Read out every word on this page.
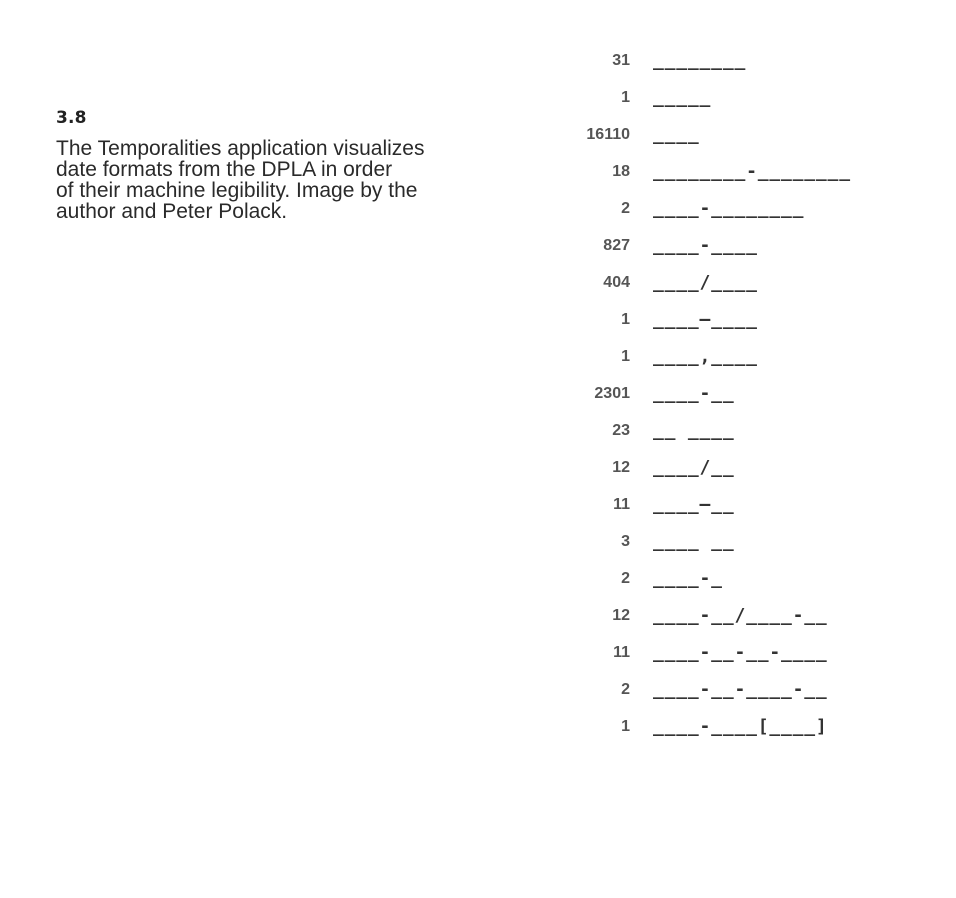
3.8

The Temporalities application visualizes
date formats from the DPLA in order
of their machine legibility. Image by the
author and Peter Polack.

31 ________
1 _____
16110 ____
18 ________-________
2 ____-________
827 ____-____
404 ____/____
1 ____–____
1 ____,____
2301 ____-__
23 __ ____
12 ____/__
11 ____–__
3 ____ __
2 ____-_
12 ____-__/____-__
11 ____-__-__-____
2 ____-__-____-__
1 ____-____[____]
